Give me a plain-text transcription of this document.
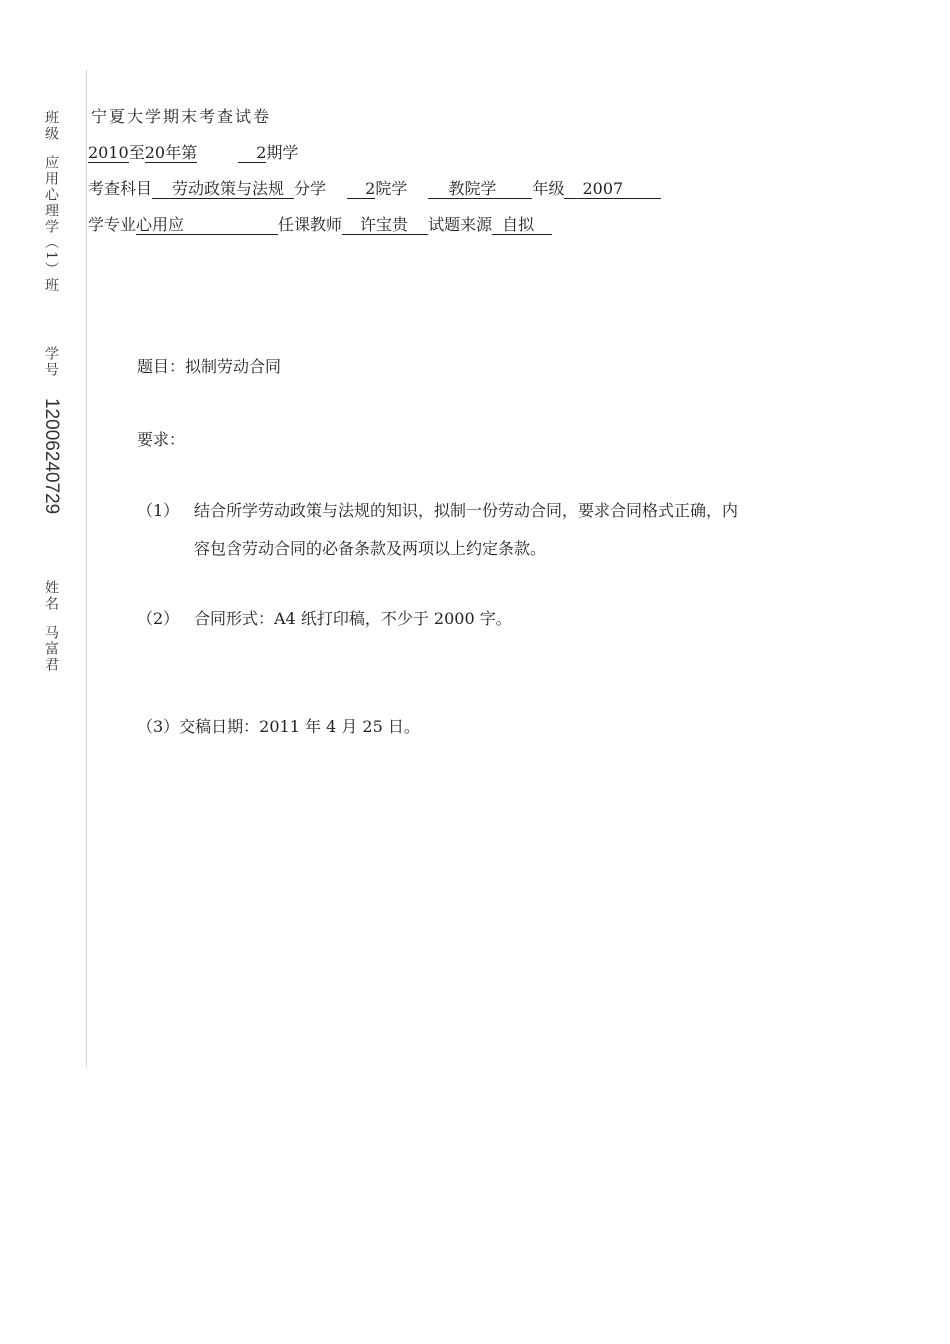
班级
应用心理学（1）班
学号
12006240729
姓名
马富君
宁夏大学期末考查试卷
2010至20年第	2期学
考查科目 劳动政策与法规 分学 2院学	教院学 年级 2007
学专业心用应	任课教师 许宝贵 试题来源 自拟
题目：拟制劳动合同
要求：
（1） 结合所学劳动政策与法规的知识，拟制一份劳动合同，要求合同格式正确，内
容包含劳动合同的必备条款及两项以上约定条款。
（2） 合同形式：A4 纸打印稿，不少于 2000 字。
（3）交稿日期：2011 年 4 月 25 日。
